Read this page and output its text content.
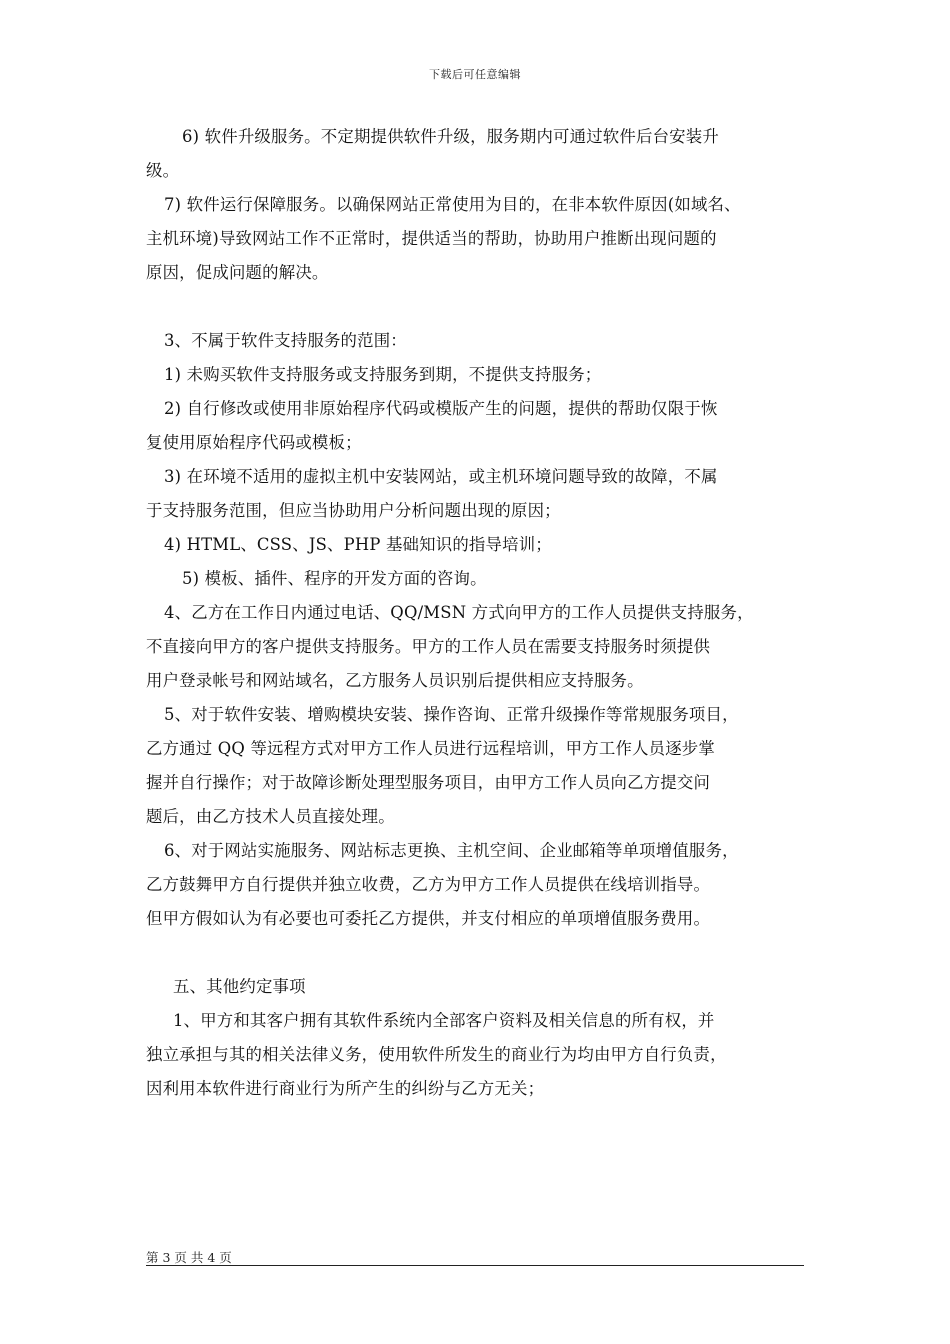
下载后可任意编辑
6) 软件升级服务。不定期提供软件升级，服务期内可通过软件后台安装升
级。
7) 软件运行保障服务。以确保网站正常使用为目的，在非本软件原因(如域名、
主机环境)导致网站工作不正常时，提供适当的帮助，协助用户推断出现问题的
原因，促成问题的解决。
3、不属于软件支持服务的范围：
1) 未购买软件支持服务或支持服务到期，不提供支持服务；
2) 自行修改或使用非原始程序代码或模版产生的问题，提供的帮助仅限于恢
复使用原始程序代码或模板；
3) 在环境不适用的虚拟主机中安装网站，或主机环境问题导致的故障，不属
于支持服务范围，但应当协助用户分析问题出现的原因；
4) HTML、CSS、JS、PHP 基础知识的指导培训；
5) 模板、插件、程序的开发方面的咨询。
4、乙方在工作日内通过电话、QQ/MSN 方式向甲方的工作人员提供支持服务，
不直接向甲方的客户提供支持服务。甲方的工作人员在需要支持服务时须提供
用户登录帐号和网站域名，乙方服务人员识别后提供相应支持服务。
5、对于软件安装、增购模块安装、操作咨询、正常升级操作等常规服务项目，
乙方通过 QQ 等远程方式对甲方工作人员进行远程培训，甲方工作人员逐步掌
握并自行操作；对于故障诊断处理型服务项目，由甲方工作人员向乙方提交问
题后，由乙方技术人员直接处理。
6、对于网站实施服务、网站标志更换、主机空间、企业邮箱等单项增值服务，
乙方鼓舞甲方自行提供并独立收费，乙方为甲方工作人员提供在线培训指导。
但甲方假如认为有必要也可委托乙方提供，并支付相应的单项增值服务费用。
五、其他约定事项
1、甲方和其客户拥有其软件系统内全部客户资料及相关信息的所有权，并
独立承担与其的相关法律义务，使用软件所发生的商业行为均由甲方自行负责，
因利用本软件进行商业行为所产生的纠纷与乙方无关；
第 3 页 共 4 页
